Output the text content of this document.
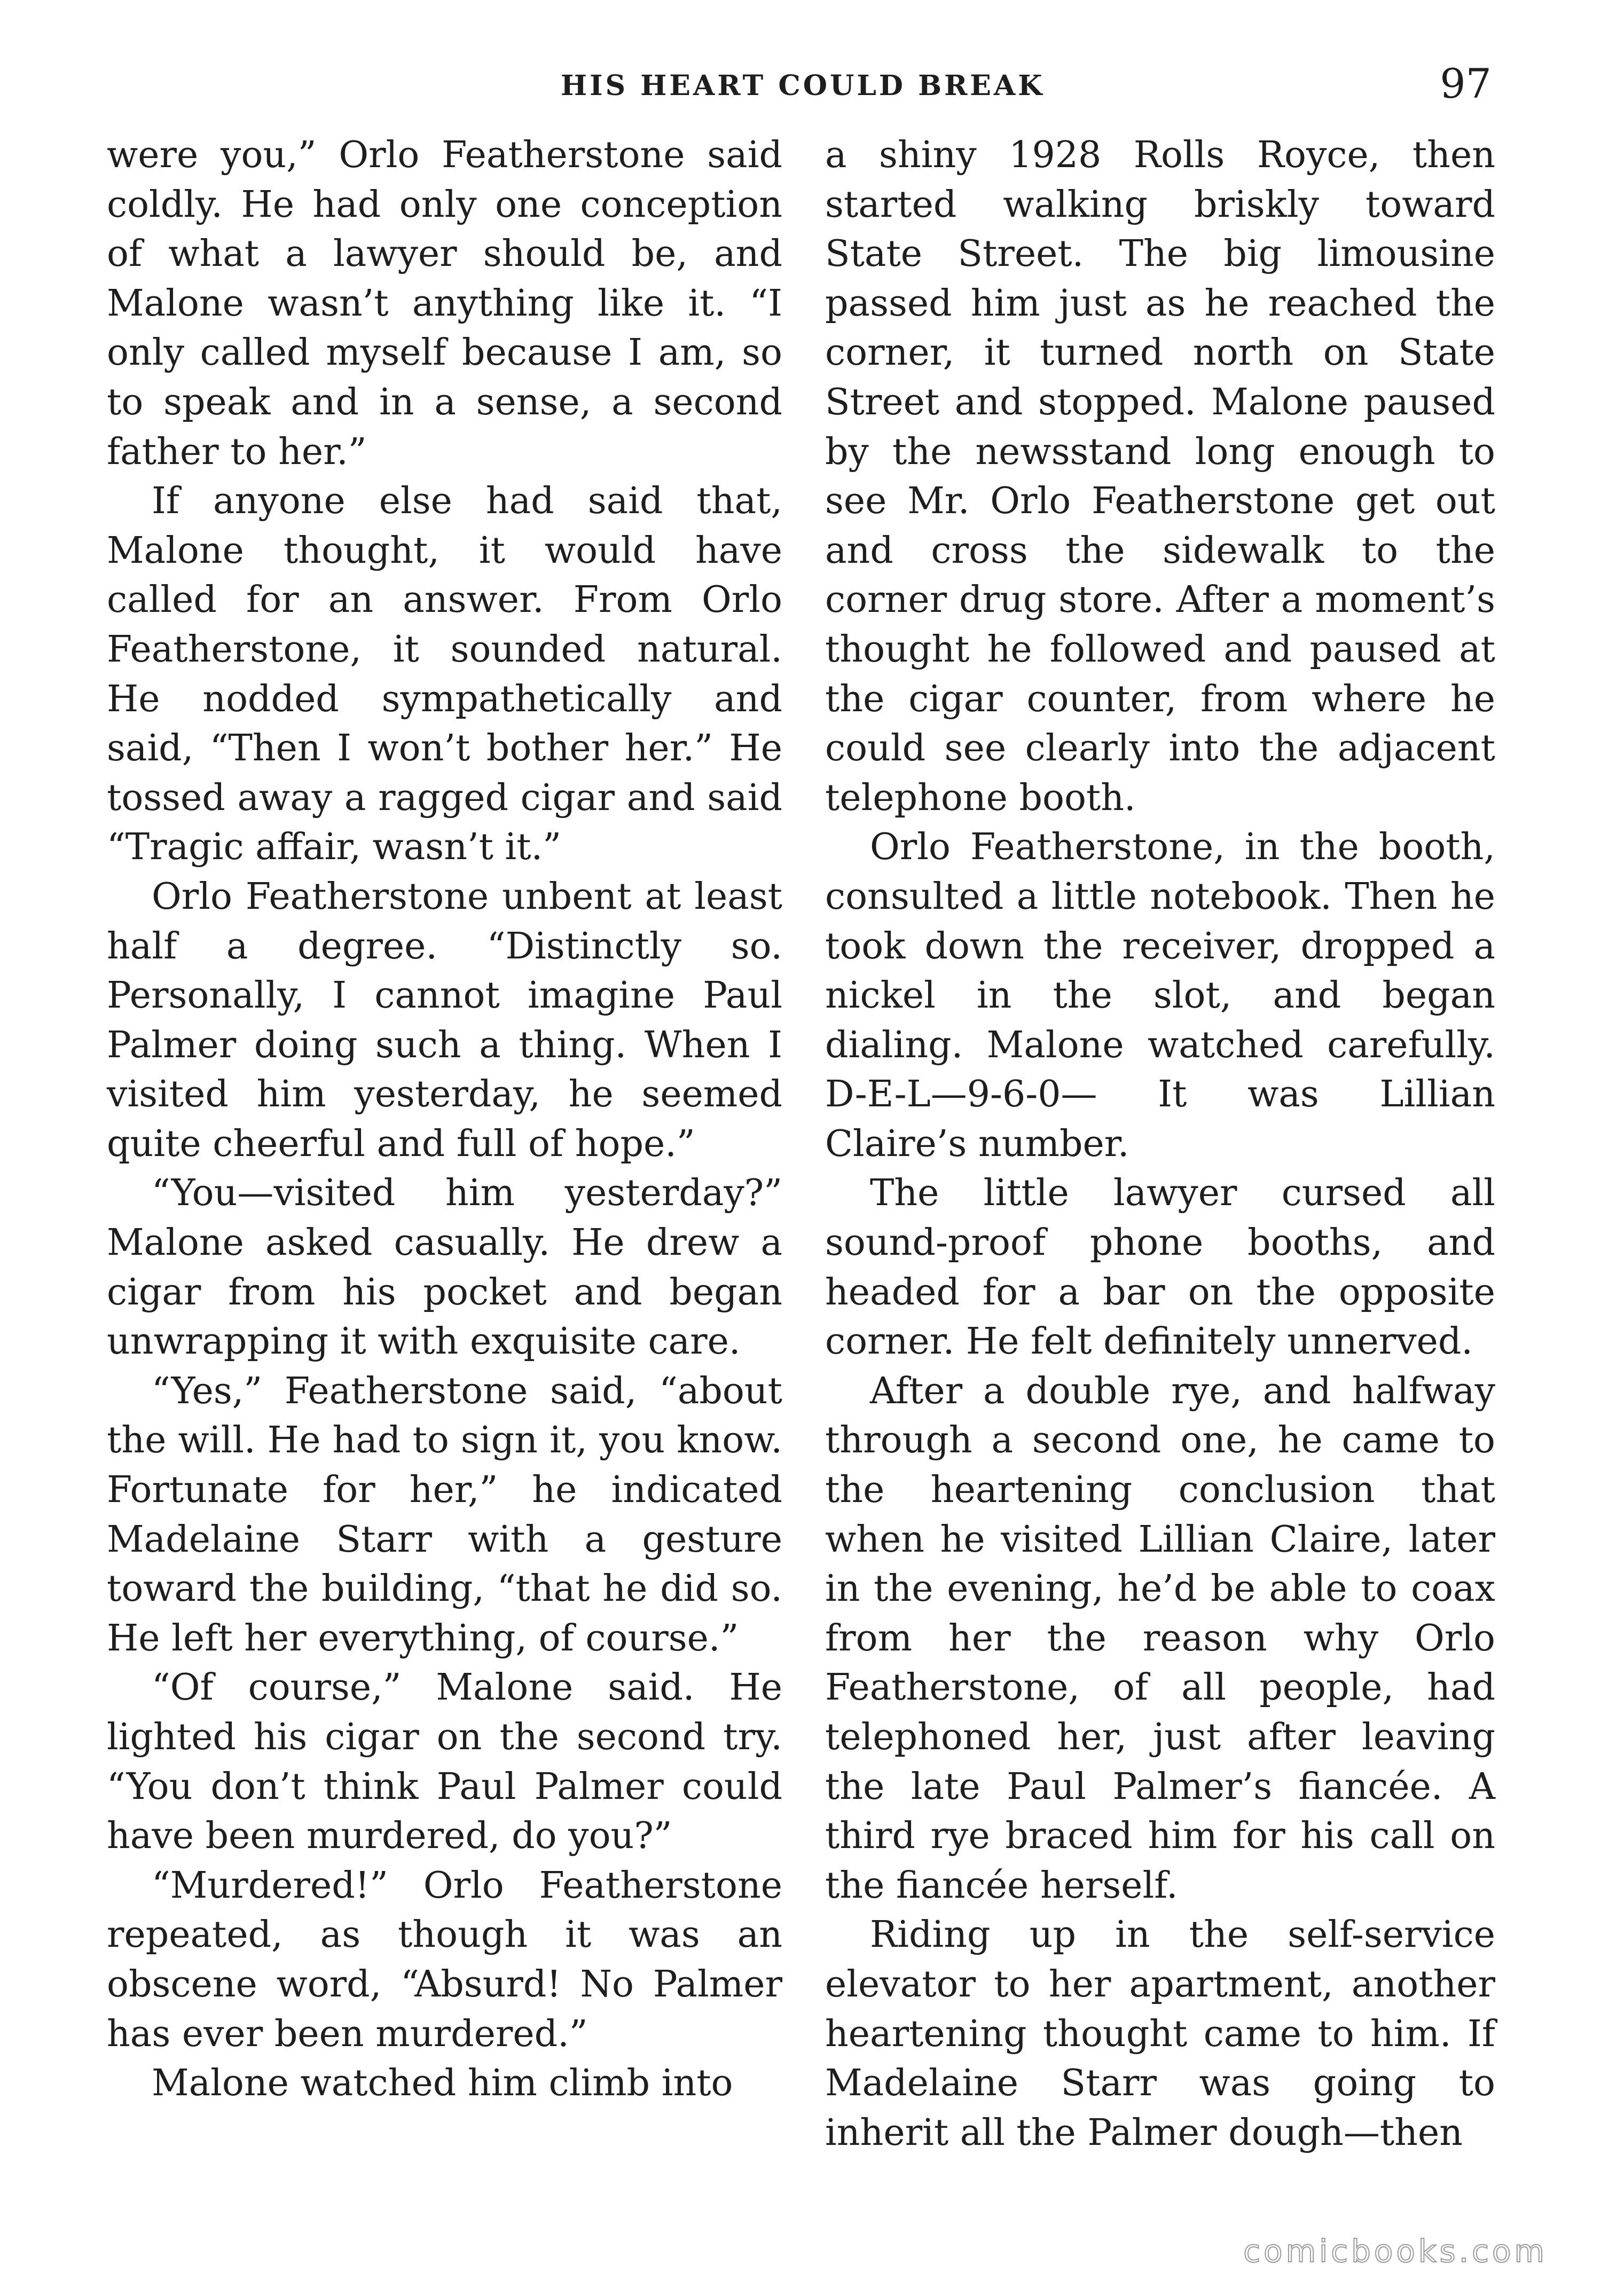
HIS HEART COULD BREAK	97

were you,” Orlo Featherstone said coldly. He had only one conception of what a lawyer should be, and Malone wasn’t anything like it. “I only called myself because I am, so to speak and in a sense, a second father to her.”

If anyone else had said that, Malone thought, it would have called for an answer. From Orlo Featherstone, it sounded natural. He nodded sympathetically and said, “Then I won’t bother her.” He tossed away a ragged cigar and said “Tragic affair, wasn’t it.”

Orlo Featherstone unbent at least half a degree. “Distinctly so. Personally, I cannot imagine Paul Palmer doing such a thing. When I visited him yesterday, he seemed quite cheerful and full of hope.”

“You—visited him yesterday?” Malone asked casually. He drew a cigar from his pocket and began unwrapping it with exquisite care.

“Yes,” Featherstone said, “about the will. He had to sign it, you know. Fortunate for her,” he indicated Madelaine Starr with a gesture toward the building, “that he did so. He left her everything, of course.”

“Of course,” Malone said. He lighted his cigar on the second try. “You don’t think Paul Palmer could have been murdered, do you?”

“Murdered!” Orlo Featherstone repeated, as though it was an obscene word, “Absurd! No Palmer has ever been murdered.”

Malone watched him climb into

a shiny 1928 Rolls Royce, then started walking briskly toward State Street. The big limousine passed him just as he reached the corner, it turned north on State Street and stopped. Malone paused by the newsstand long enough to see Mr. Orlo Featherstone get out and cross the sidewalk to the corner drug store. After a moment’s thought he followed and paused at the cigar counter, from where he could see clearly into the adjacent telephone booth.

Orlo Featherstone, in the booth, consulted a little notebook. Then he took down the receiver, dropped a nickel in the slot, and began dialing. Malone watched carefully. D-E-L—9-6-0— It was Lillian Claire’s number.

The little lawyer cursed all sound-proof phone booths, and headed for a bar on the opposite corner. He felt definitely unnerved.

After a double rye, and halfway through a second one, he came to the heartening conclusion that when he visited Lillian Claire, later in the evening, he’d be able to coax from her the reason why Orlo Featherstone, of all people, had telephoned her, just after leaving the late Paul Palmer’s fiancée. A third rye braced him for his call on the fiancée herself.

Riding up in the self-service elevator to her apartment, another heartening thought came to him. If Madelaine Starr was going to inherit all the Palmer dough—then

comicbooks.com
